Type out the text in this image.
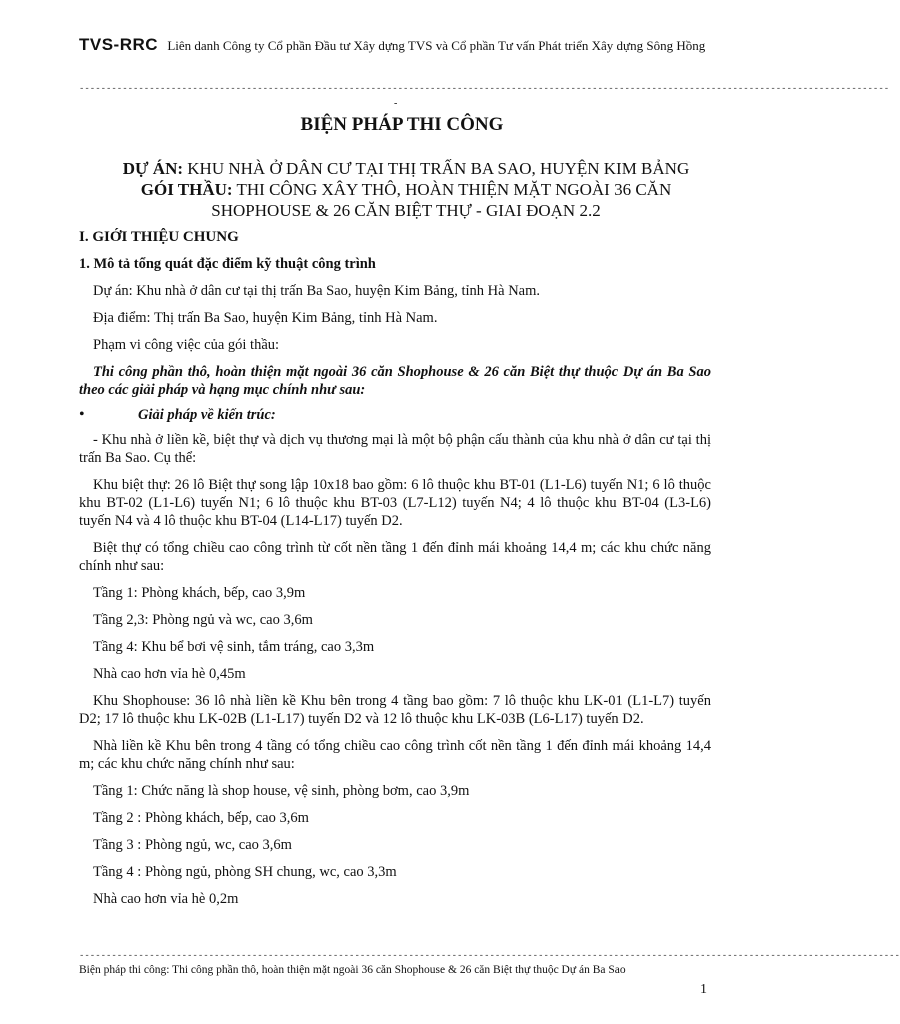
TVS-RRC Liên danh Công ty Cổ phần Đầu tư Xây dựng TVS và Cổ phần Tư vấn Phát triển Xây dựng Sông Hồng
------------------------------------------------------------------------------------------------------------------------------------------------------
-
BIỆN PHÁP THI CÔNG
DỰ ÁN: KHU NHÀ Ở DÂN CƯ TẠI THỊ TRẤN BA SAO, HUYỆN KIM BẢNG
GÓI THẦU: THI CÔNG XÂY THÔ, HOÀN THIỆN MẶT NGOÀI 36 CĂN SHOPHOUSE & 26 CĂN BIỆT THỰ - GIAI ĐOẠN 2.2

I. GIỚI THIỆU CHUNG

1. Mô tả tổng quát đặc điểm kỹ thuật công trình

Dự án: Khu nhà ở dân cư tại thị trấn Ba Sao, huyện Kim Bảng, tỉnh Hà Nam.

Địa điểm: Thị trấn Ba Sao, huyện Kim Bảng, tỉnh Hà Nam.

Phạm vi công việc của gói thầu:

Thi công phần thô, hoàn thiện mặt ngoài 36 căn Shophouse & 26 căn Biệt thự thuộc Dự án Ba Sao theo các giải pháp và hạng mục chính như sau:

•	Giải pháp về kiến trúc:

- Khu nhà ở liền kề, biệt thự và dịch vụ thương mại là một bộ phận cấu thành của khu nhà ở dân cư tại thị trấn Ba Sao. Cụ thể:

Khu biệt thự: 26 lô Biệt thự song lập 10x18 bao gồm: 6 lô thuộc khu BT-01 (L1-L6) tuyến N1; 6 lô thuộc khu BT-02 (L1-L6) tuyến N1; 6 lô thuộc khu BT-03 (L7-L12) tuyến N4; 4 lô thuộc khu BT-04 (L3-L6) tuyến N4 và 4 lô thuộc khu BT-04 (L14-L17) tuyến D2.

Biệt thự có tổng chiều cao công trình từ cốt nền tầng 1 đến đỉnh mái khoảng 14,4 m; các khu chức năng chính như sau:

Tầng 1: Phòng khách, bếp, cao 3,9m

Tầng 2,3: Phòng ngủ và wc, cao 3,6m

Tầng 4: Khu bể bơi vệ sinh, tắm tráng, cao 3,3m

Nhà cao hơn vỉa hè 0,45m

Khu Shophouse: 36 lô nhà liền kề Khu bên trong 4 tầng bao gồm: 7 lô thuộc khu LK-01 (L1-L7) tuyến D2; 17 lô thuộc khu LK-02B (L1-L17) tuyến D2 và 12 lô thuộc khu LK-03B (L6-L17) tuyến D2.

Nhà liền kề Khu bên trong 4 tầng có tổng chiều cao công trình cốt nền tầng 1 đến đỉnh mái khoảng 14,4 m; các khu chức năng chính như sau:

Tầng 1: Chức năng là shop house, vệ sinh, phòng bơm, cao 3,9m

Tầng 2 : Phòng khách, bếp, cao 3,6m

Tầng 3 : Phòng ngủ, wc, cao 3,6m

Tầng 4 : Phòng ngủ, phòng SH chung, wc, cao 3,3m

Nhà cao hơn vỉa hè 0,2m

--------------------------------------------------------------------------------------------------------------------------------------------------------
Biện pháp thi công: Thi công phần thô, hoàn thiện mặt ngoài 36 căn Shophouse & 26 căn Biệt thự thuộc Dự án Ba Sao
1
